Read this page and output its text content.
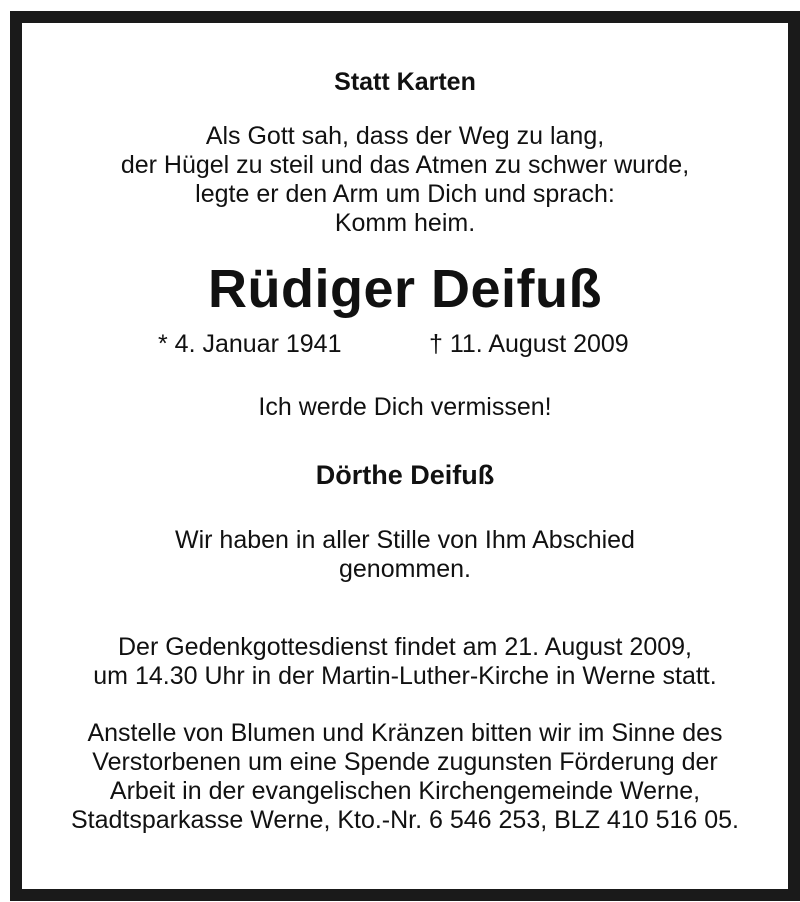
Statt Karten
Als Gott sah, dass der Weg zu lang,
der Hügel zu steil und das Atmen zu schwer wurde,
legte er den Arm um Dich und sprach:
Komm heim.
Rüdiger Deifuß
* 4. Januar 1941	† 11. August 2009
Ich werde Dich vermissen!
Dörthe Deifuß
Wir haben in aller Stille von Ihm Abschied
genommen.
Der Gedenkgottesdienst findet am 21. August 2009,
um 14.30 Uhr in der Martin-Luther-Kirche in Werne statt.
Anstelle von Blumen und Kränzen bitten wir im Sinne des
Verstorbenen um eine Spende zugunsten Förderung der
Arbeit in der evangelischen Kirchengemeinde Werne,
Stadtsparkasse Werne, Kto.-Nr. 6 546 253, BLZ 410 516 05.
